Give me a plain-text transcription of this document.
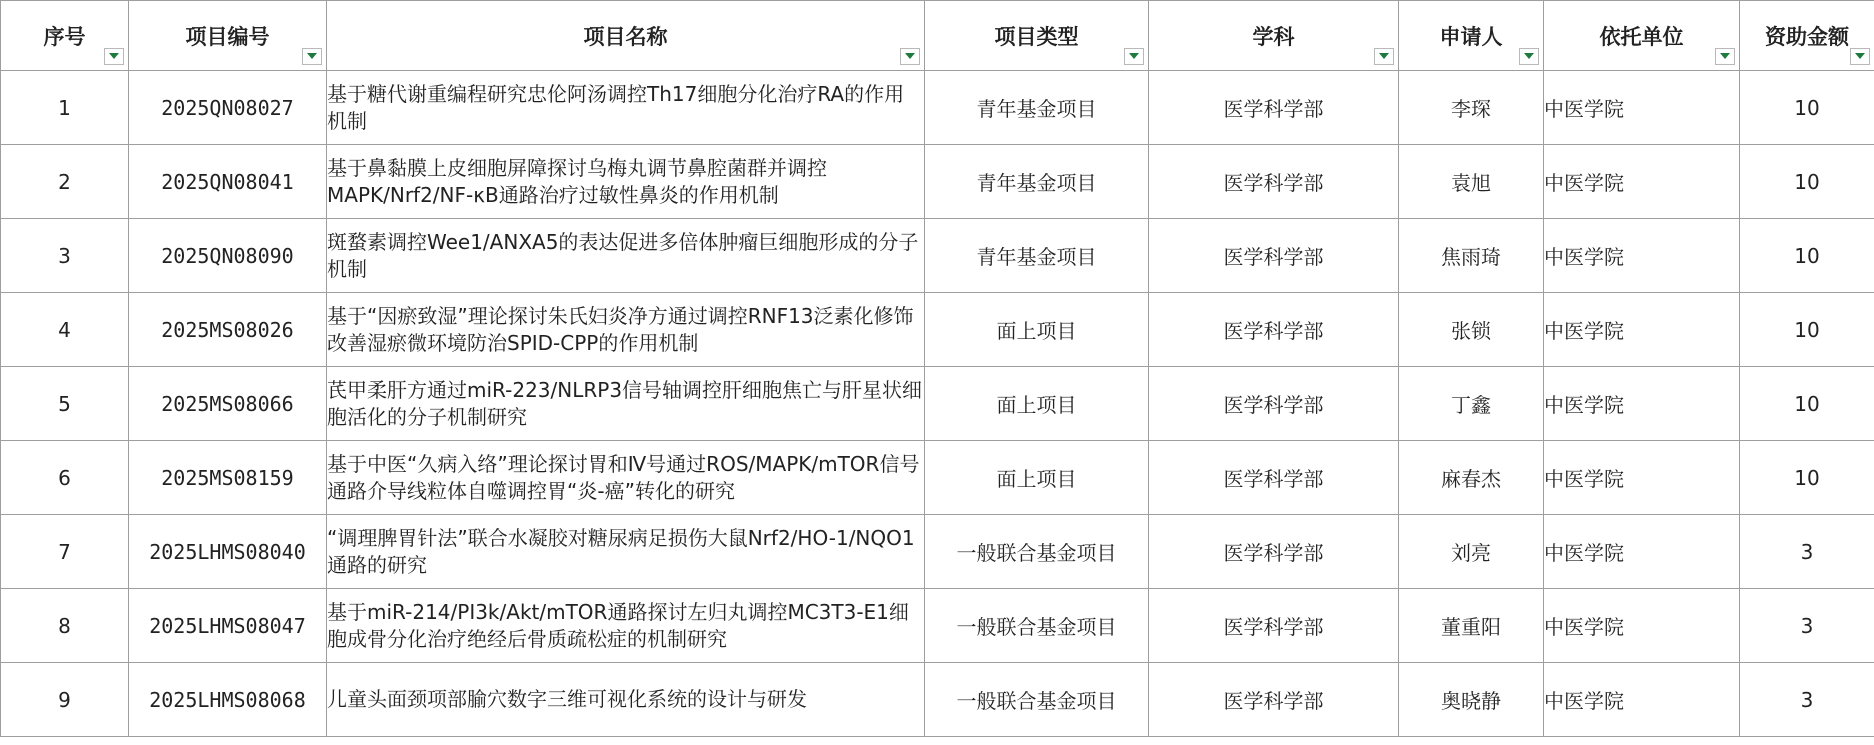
序号	项目编号	项目名称	项目类型	学科	申请人	依托单位	资助金额

1	2025QN08027	基于糖代谢重编程研究忠伦阿汤调控Th17细胞分化治疗RA的作用机制	青年基金项目	医学科学部	李琛	中医学院	10
2	2025QN08041	基于鼻黏膜上皮细胞屏障探讨乌梅丸调节鼻腔菌群并调控MAPK/Nrf2/NF-κB通路治疗过敏性鼻炎的作用机制	青年基金项目	医学科学部	袁旭	中医学院	10
3	2025QN08090	斑蝥素调控Wee1/ANXA5的表达促进多倍体肿瘤巨细胞形成的分子机制	青年基金项目	医学科学部	焦雨琦	中医学院	10
4	2025MS08026	基于“因瘀致湿”理论探讨朱氏妇炎净方通过调控RNF13泛素化修饰改善湿瘀微环境防治SPID-CPP的作用机制	面上项目	医学科学部	张锁	中医学院	10
5	2025MS08066	芪甲柔肝方通过miR-223/NLRP3信号轴调控肝细胞焦亡与肝星状细胞活化的分子机制研究	面上项目	医学科学部	丁鑫	中医学院	10
6	2025MS08159	基于中医“久病入络”理论探讨胃和Ⅳ号通过ROS/MAPK/mTOR信号通路介导线粒体自噬调控胃“炎-癌”转化的研究	面上项目	医学科学部	麻春杰	中医学院	10
7	2025LHMS08040	“调理脾胃针法”联合水凝胶对糖尿病足损伤大鼠Nrf2/HO-1/NQO1通路的研究	一般联合基金项目	医学科学部	刘亮	中医学院	3
8	2025LHMS08047	基于miR-214/PI3k/Akt/mTOR通路探讨左归丸调控MC3T3-E1细胞成骨分化治疗绝经后骨质疏松症的机制研究	一般联合基金项目	医学科学部	董重阳	中医学院	3
9	2025LHMS08068	儿童头面颈项部腧穴数字三维可视化系统的设计与研发	一般联合基金项目	医学科学部	奥晓静	中医学院	3
